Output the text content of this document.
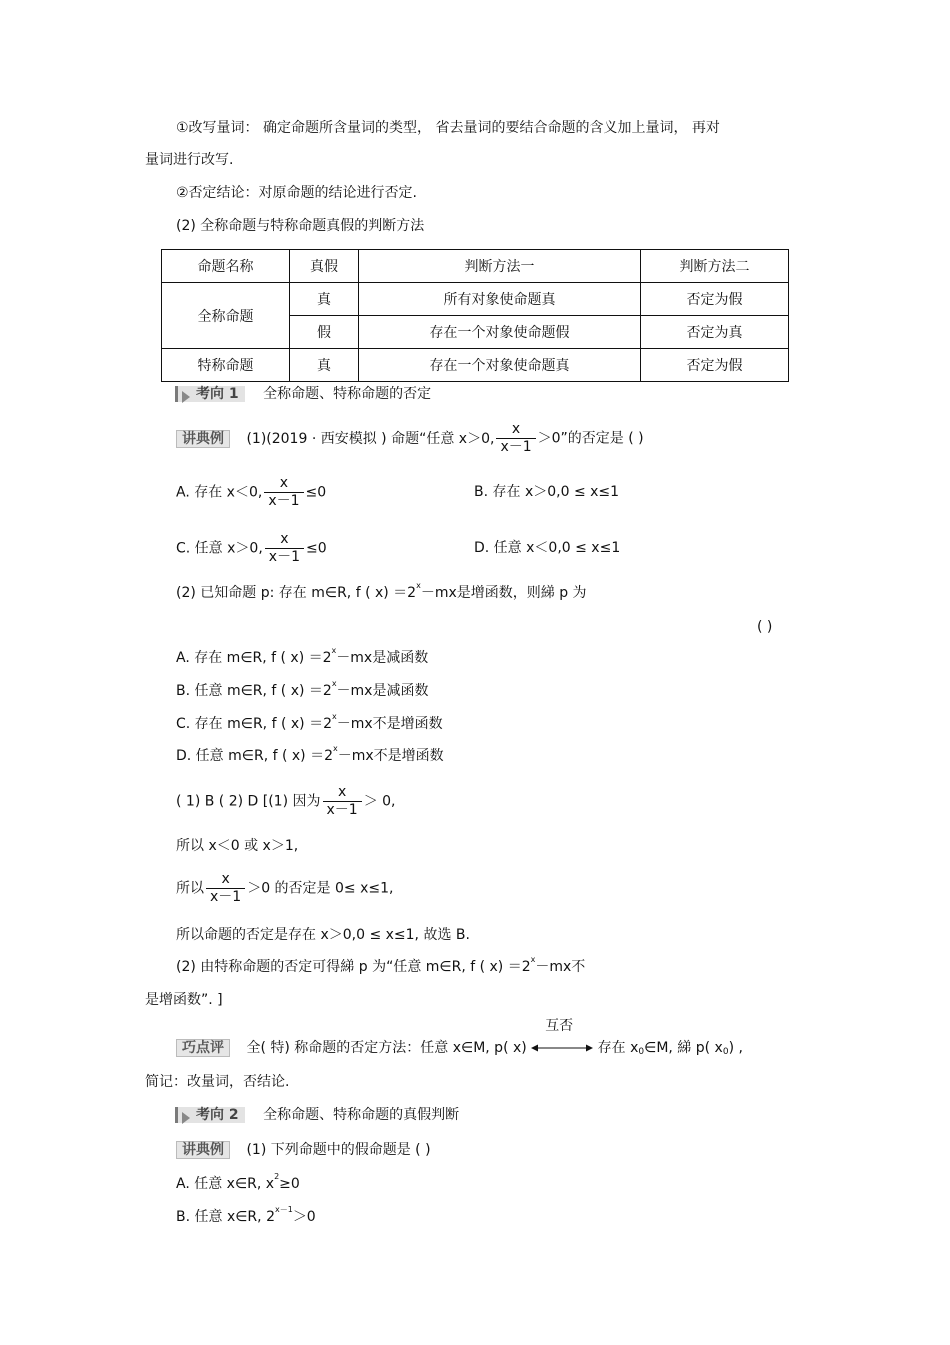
①改写量词： 确定命题所含量词的类型， 省去量词的要结合命题的含义加上量词， 再对
量词进行改写.
②否定结论：对原命题的结论进行否定.
(2) 全称命题与特称命题真假的判断方法
命题名称	真假	判断方法一	判断方法二
全称命题	真	所有对象使命题真	否定为假
	假	存在一个对象使命题假	否定为真
特称命题	真	存在一个对象使命题真	否定为假
考向 1 全称命题、特称命题的否定
讲典例 (1)(2019 · 西安模拟 ) 命题“任意 x＞0, $\frac{x}{x-1} >0$”的否定是 ( )
A. 存在 x＜0, $\frac{x}{x-1} \le 0$	B. 存在 x＞0,0 ≤ x≤1
C. 任意 x＞0, $\frac{x}{x-1} \le 0$	D. 任意 x＜0,0 ≤ x≤1
(2) 已知命题 p: 存在 m∈R, f ( $x) =2^x-mx$是增函数，则綈 p 为
( )
A. 存在 m∈R, f ( $x) =2^x-mx$是减函数
B. 任意 m∈R, f ( $x) =2^x-mx$是减函数
C. 存在 m∈R, f ( $x) =2^x-mx$不是增函数
D. 任意 m∈R, f ( $x) =2^x-mx$不是增函数
( 1) B ( 2) D [(1) 因为 $\frac{x}{x-1} > 0$,
所以 x＜0 或 x＞1,
所以 $\frac{x}{x-1} >0$ 的否定是 0≤ x≤1,
所以命题的否定是存在 x＞0,0 ≤ x≤1, 故选 B.
(2) 由特称命题的否定可得綈 p 为“任意 m∈R, f ( $x) =2^x-mx$不
是增函数”. ]
巧点评 全( 特) 称命题的否定方法：任意 x∈M, p( x)
互否
存在 $x_0\in M$, 綈 p( $x_0$) ,
简记：改量词，否结论.
考向 2 全称命题、特称命题的真假判断
讲典例 (1) 下列命题中的假命题是 ( )
A. 任意 x∈R, $x^2\ge 0$
B. 任意 x∈R, $2^{x-1}>0$
